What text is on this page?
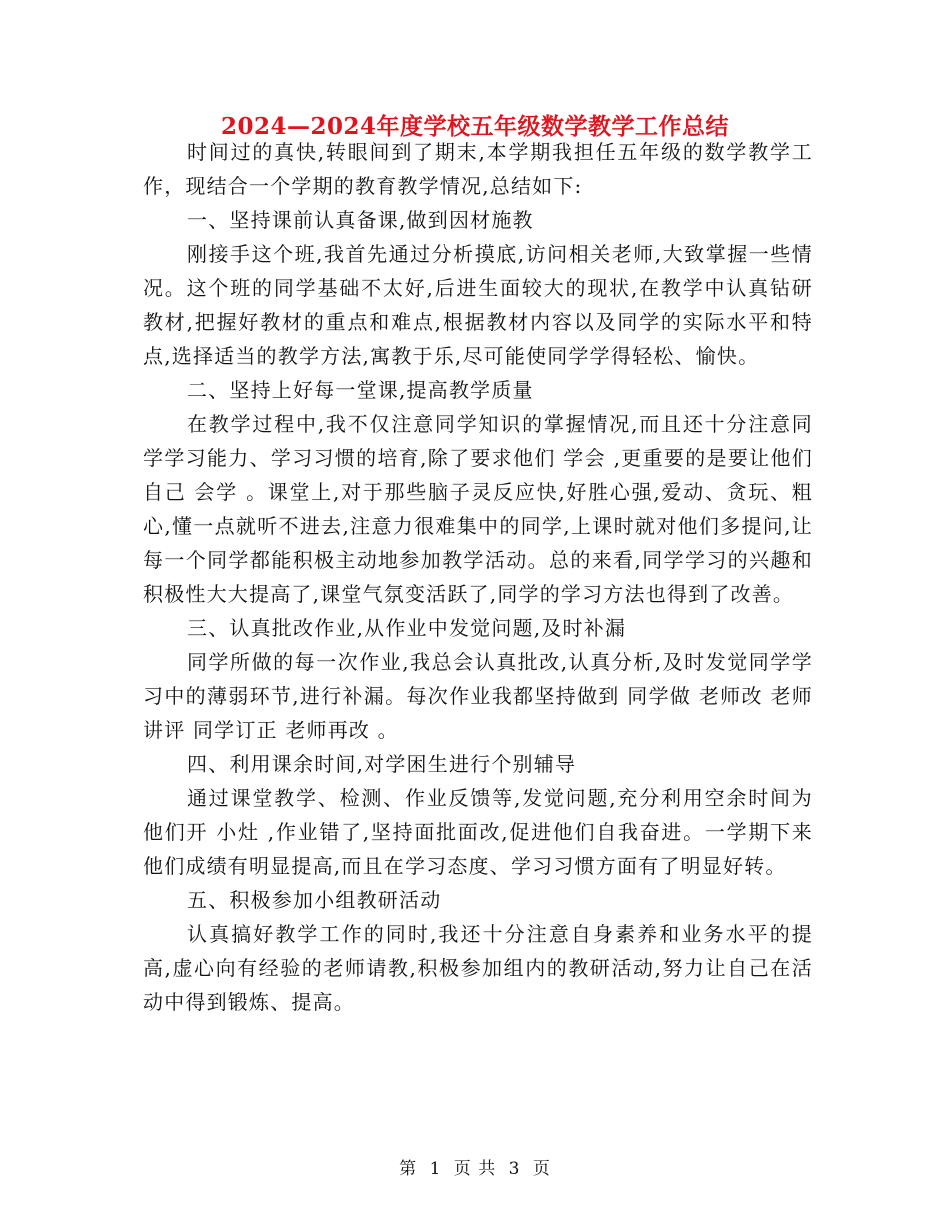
2024—2024年度学校五年级数学教学工作总结

时间过的真快,转眼间到了期末,本学期我担任五年级的数学教学工作，现结合一个学期的教育教学情况,总结如下:

一、坚持课前认真备课,做到因材施教

刚接手这个班,我首先通过分析摸底,访问相关老师,大致掌握一些情况。这个班的同学基础不太好,后进生面较大的现状,在教学中认真钻研教材,把握好教材的重点和难点,根据教材内容以及同学的实际水平和特点,选择适当的教学方法,寓教于乐,尽可能使同学学得轻松、愉快。

二、坚持上好每一堂课,提高教学质量

在教学过程中,我不仅注意同学知识的掌握情况,而且还十分注意同学学习能力、学习习惯的培育,除了要求他们 学会 ,更重要的是要让他们自己 会学 。课堂上,对于那些脑子灵反应快,好胜心强,爱动、贪玩、粗心,懂一点就听不进去,注意力很难集中的同学,上课时就对他们多提问,让每一个同学都能积极主动地参加教学活动。总的来看,同学学习的兴趣和积极性大大提高了,课堂气氛变活跃了,同学的学习方法也得到了改善。

三、认真批改作业,从作业中发觉问题,及时补漏

同学所做的每一次作业,我总会认真批改,认真分析,及时发觉同学学习中的薄弱环节,进行补漏。每次作业我都坚持做到 同学做 老师改 老师讲评 同学订正 老师再改 。

四、利用课余时间,对学困生进行个别辅导

通过课堂教学、检测、作业反馈等,发觉问题,充分利用空余时间为他们开 小灶 ,作业错了,坚持面批面改,促进他们自我奋进。一学期下来他们成绩有明显提高,而且在学习态度、学习习惯方面有了明显好转。

五、积极参加小组教研活动

认真搞好教学工作的同时,我还十分注意自身素养和业务水平的提高,虚心向有经验的老师请教,积极参加组内的教研活动,努力让自己在活动中得到锻炼、提高。

第 1 页 共 3 页
